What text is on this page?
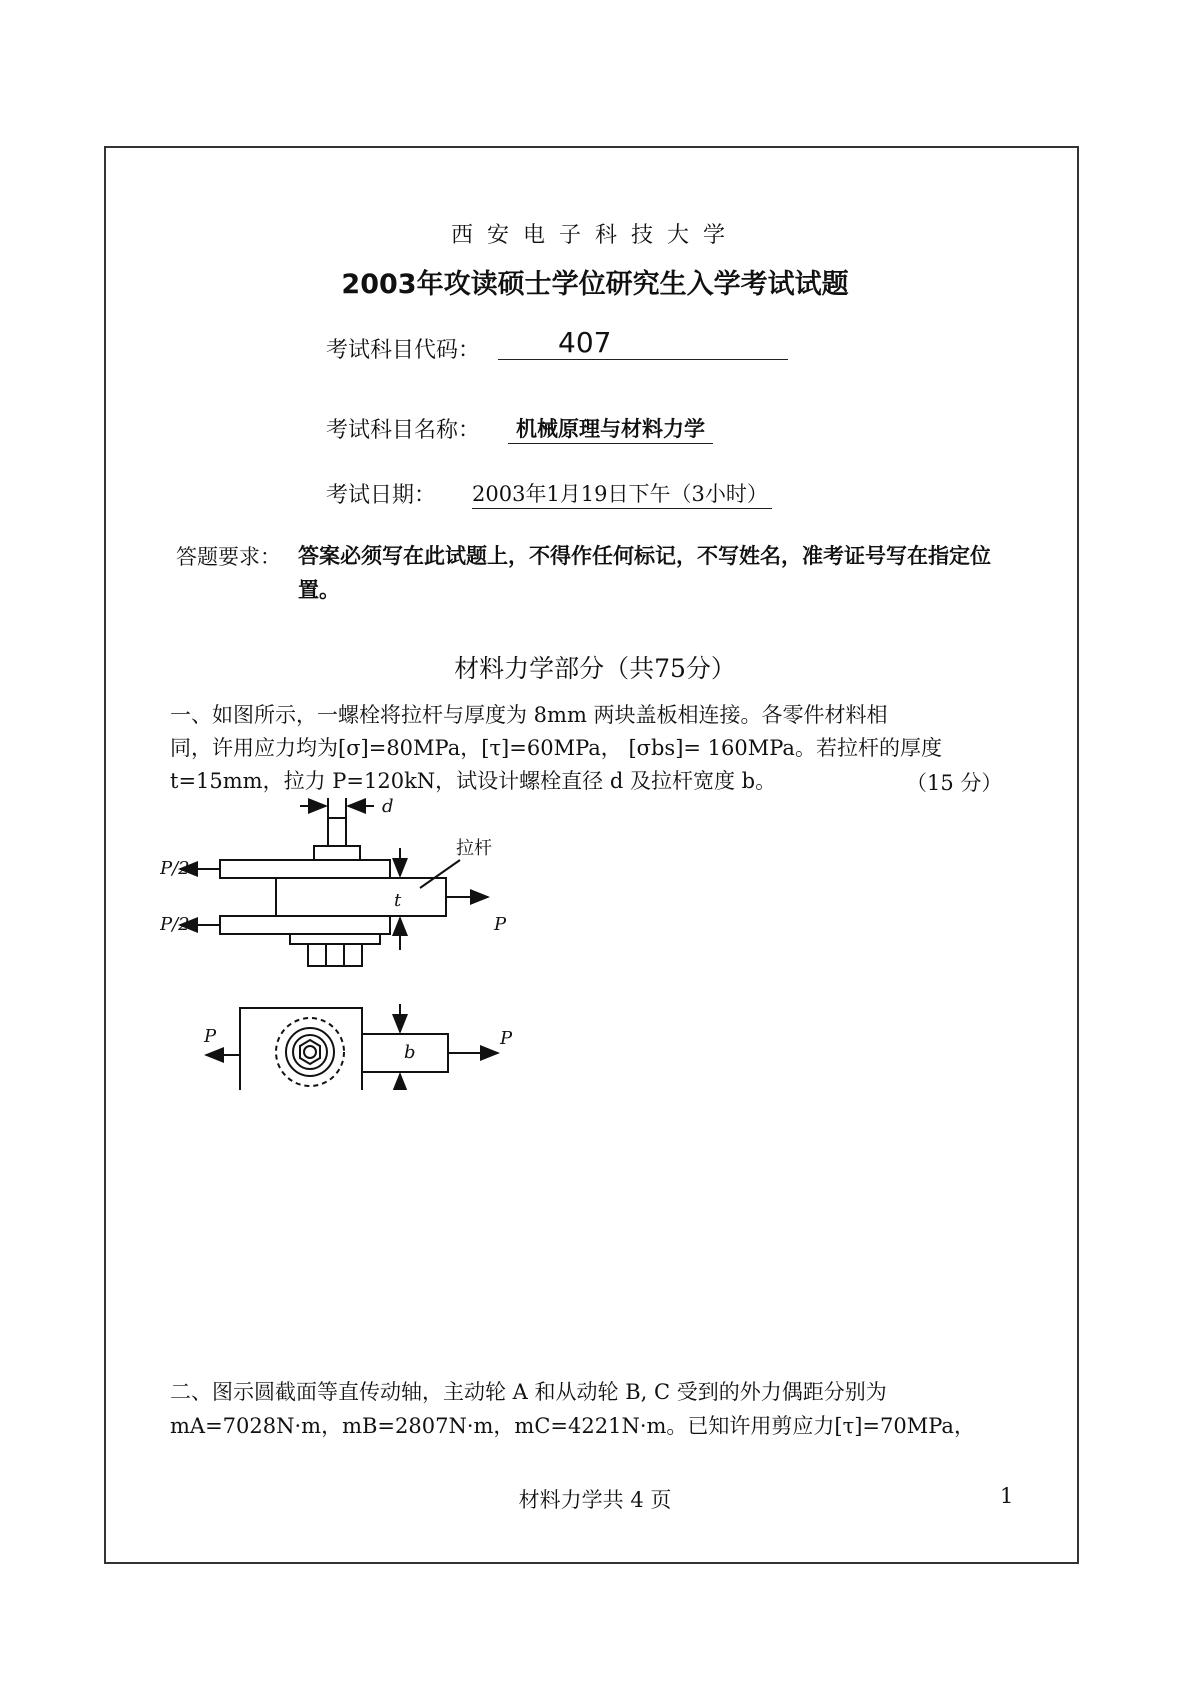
西安电子科技大学
2003年攻读硕士学位研究生入学考试试题
考试科目代码：	407
考试科目名称：	机械原理与材料力学
考试日期： 2003年1月19日下午（3小时）
答题要求： 答案必须写在此试题上，不得作任何标记，不写姓名，准考证号写在指定位置。
材料力学部分（共75分）
一、如图所示，一螺栓将拉杆与厚度为 8mm 两块盖板相连接。各零件材料相
同，许用应力均为[σ]=80MPa，[τ]=60MPa， [σbs]= 160MPa。若拉杆的厚度
t=15mm，拉力 P=120kN，试设计螺栓直径 d 及拉杆宽度 b。	（15 分）
d
P/2
P/2
t
P
P	P
b
拉杆
二、图示圆截面等直传动轴，主动轮 A 和从动轮 B, C 受到的外力偶距分别为
mA=7028N·m，mB=2807N·m，mC=4221N·m。已知许用剪应力[τ]=70MPa，
材料力学共 4 页	1
